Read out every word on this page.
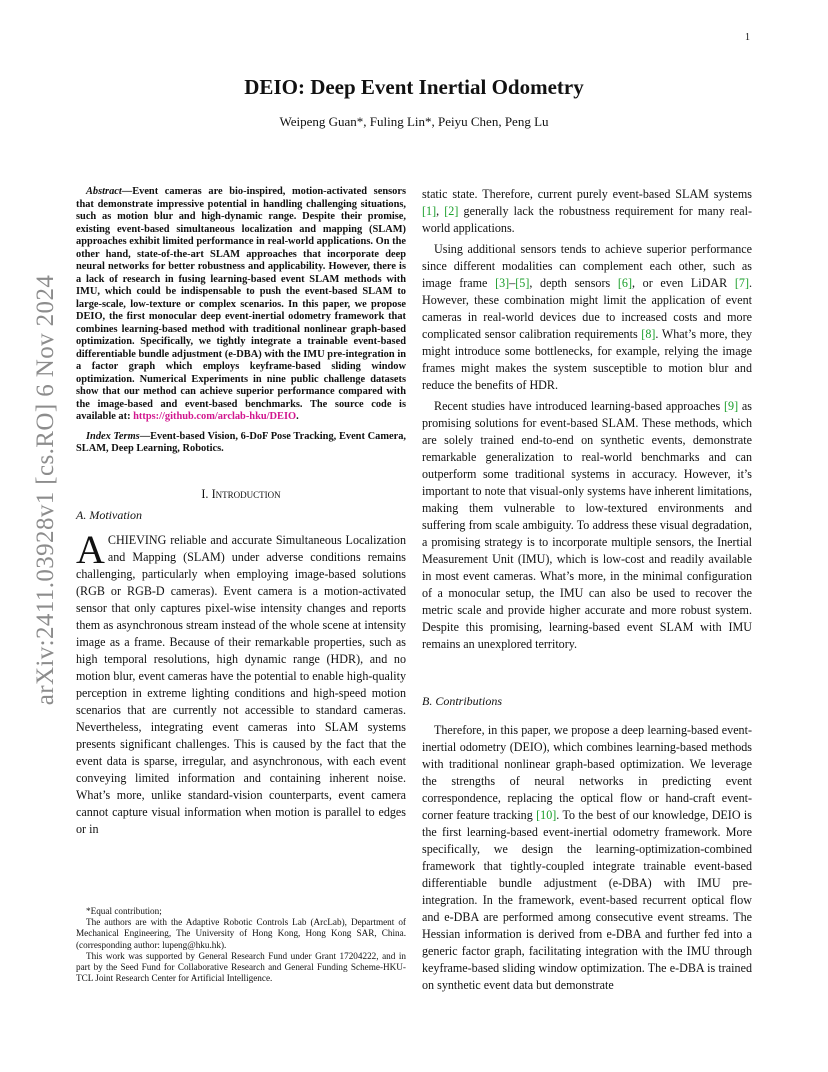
1
arXiv:2411.03928v1 [cs.RO] 6 Nov 2024
DEIO: Deep Event Inertial Odometry
Weipeng Guan*, Fuling Lin*, Peiyu Chen, Peng Lu

Abstract—Event cameras are bio-inspired, motion-activated sensors that demonstrate impressive potential in handling challenging situations, such as motion blur and high-dynamic range. Despite their promise, existing event-based simultaneous localization and mapping (SLAM) approaches exhibit limited performance in real-world applications. On the other hand, state-of-the-art SLAM approaches that incorporate deep neural networks for better robustness and applicability. However, there is a lack of research in fusing learning-based event SLAM methods with IMU, which could be indispensable to push the event-based SLAM to large-scale, low-texture or complex scenarios. In this paper, we propose DEIO, the first monocular deep event-inertial odometry framework that combines learning-based method with traditional nonlinear graph-based optimization. Specifically, we tightly integrate a trainable event-based differentiable bundle adjustment (e-DBA) with the IMU pre-integration in a factor graph which employs keyframe-based sliding window optimization. Numerical Experiments in nine public challenge datasets show that our method can achieve superior performance compared with the image-based and event-based benchmarks. The source code is available at: https://github.com/arclab-hku/DEIO.

Index Terms—Event-based Vision, 6-DoF Pose Tracking, Event Camera, SLAM, Deep Learning, Robotics.

I. Introduction
A. Motivation

ACHIEVING reliable and accurate Simultaneous Localization and Mapping (SLAM) under adverse conditions remains challenging, particularly when employing image-based solutions (RGB or RGB-D cameras). Event camera is a motion-activated sensor that only captures pixel-wise intensity changes and reports them as asynchronous stream instead of the whole scene at intensity image as a frame. Because of their remarkable properties, such as high temporal resolutions, high dynamic range (HDR), and no motion blur, event cameras have the potential to enable high-quality perception in extreme lighting conditions and high-speed motion scenarios that are currently not accessible to standard cameras. Nevertheless, integrating event cameras into SLAM systems presents significant challenges. This is caused by the fact that the event data is sparse, irregular, and asynchronous, with each event conveying limited information and containing inherent noise. What’s more, unlike standard-vision counterparts, event camera cannot capture visual information when motion is parallel to edges or in

static state. Therefore, current purely event-based SLAM systems [1], [2] generally lack the robustness requirement for many real-world applications.

Using additional sensors tends to achieve superior performance since different modalities can complement each other, such as image frame [3]–[5], depth sensors [6], or even LiDAR [7]. However, these combination might limit the application of event cameras in real-world devices due to increased costs and more complicated sensor calibration requirements [8]. What’s more, they might introduce some bottlenecks, for example, relying the image frames might makes the system susceptible to motion blur and reduce the benefits of HDR.

Recent studies have introduced learning-based approaches [9] as promising solutions for event-based SLAM. These methods, which are solely trained end-to-end on synthetic events, demonstrate remarkable generalization to real-world benchmarks and can outperform some traditional systems in accuracy. However, it’s important to note that visual-only systems have inherent limitations, making them vulnerable to low-textured environments and suffering from scale ambiguity. To address these visual degradation, a promising strategy is to incorporate multiple sensors, the Inertial Measurement Unit (IMU), which is low-cost and readily available in most event cameras. What’s more, in the minimal configuration of a monocular setup, the IMU can also be used to recover the metric scale and provide higher accurate and more robust system. Despite this promising, learning-based event SLAM with IMU remains an unexplored territory.

B. Contributions

Therefore, in this paper, we propose a deep learning-based event-inertial odometry (DEIO), which combines learning-based methods with traditional nonlinear graph-based optimization. We leverage the strengths of neural networks in predicting event correspondence, replacing the optical flow or hand-craft event-corner feature tracking [10]. To the best of our knowledge, DEIO is the first learning-based event-inertial odometry framework. More specifically, we design the learning-optimization-combined framework that tightly-coupled integrate trainable event-based differentiable bundle adjustment (e-DBA) with IMU pre-integration. In the framework, event-based recurrent optical flow and e-DBA are performed among consecutive event streams. The Hessian information is derived from e-DBA and further fed into a generic factor graph, facilitating integration with the IMU through keyframe-based sliding window optimization. The e-DBA is trained on synthetic event data but demonstrate

*Equal contribution;

The authors are with the Adaptive Robotic Controls Lab (ArcLab), Department of Mechanical Engineering, The University of Hong Kong, Hong Kong SAR, China. (corresponding author: lupeng@hku.hk).

This work was supported by General Research Fund under Grant 17204222, and in part by the Seed Fund for Collaborative Research and General Funding Scheme-HKU-TCL Joint Research Center for Artificial Intelligence.
